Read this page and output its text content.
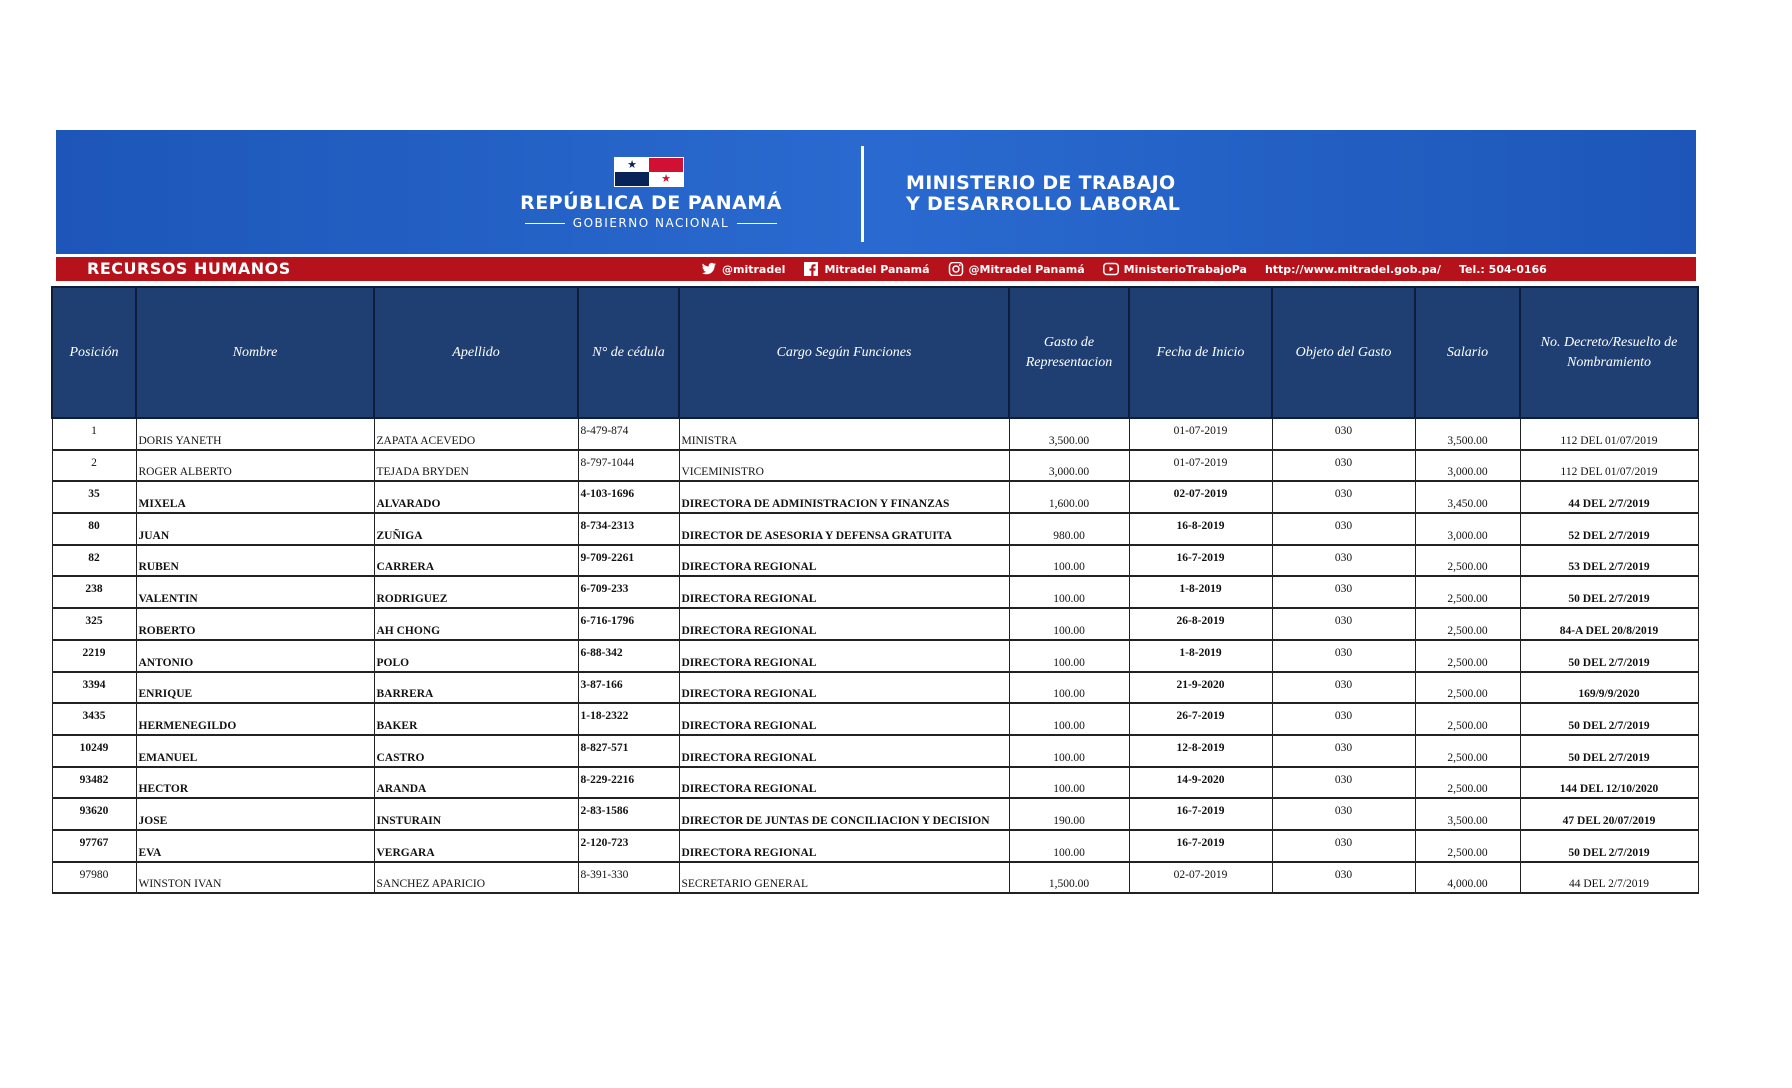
★
★
REPÚBLICA DE PANAMÁ
GOBIERNO NACIONAL
MINISTERIO DE TRABAJO
Y DESARROLLO LABORAL
RECURSOS HUMANOS	@mitradel	Mitradel Panamá	@Mitradel Panamá	MinisterioTrabajoPa http://www.mitradel.gob.pa/ Tel.: 504-0166
Posición	Nombre	Apellido	N° de cédula	Cargo Según Funciones	Gasto de Representacion	Fecha de Inicio	Objeto del Gasto	Salario	No. Decreto/Resuelto de Nombramiento
1	DORIS YANETH	ZAPATA ACEVEDO	8-479-874	MINISTRA	3,500.00	01-07-2019	030	3,500.00	112 DEL 01/07/2019
2	ROGER ALBERTO	TEJADA BRYDEN	8-797-1044	VICEMINISTRO	3,000.00	01-07-2019	030	3,000.00	112 DEL 01/07/2019
35	MIXELA	ALVARADO	4-103-1696	DIRECTORA DE ADMINISTRACION Y FINANZAS	1,600.00	02-07-2019	030	3,450.00	44 DEL 2/7/2019
80	JUAN	ZUÑIGA	8-734-2313	DIRECTOR DE ASESORIA Y DEFENSA GRATUITA	980.00	16-8-2019	030	3,000.00	52 DEL 2/7/2019
82	RUBEN	CARRERA	9-709-2261	DIRECTORA REGIONAL	100.00	16-7-2019	030	2,500.00	53 DEL 2/7/2019
238	VALENTIN	RODRIGUEZ	6-709-233	DIRECTORA REGIONAL	100.00	1-8-2019	030	2,500.00	50 DEL 2/7/2019
325	ROBERTO	AH CHONG	6-716-1796	DIRECTORA REGIONAL	100.00	26-8-2019	030	2,500.00	84-A DEL 20/8/2019
2219	ANTONIO	POLO	6-88-342	DIRECTORA REGIONAL	100.00	1-8-2019	030	2,500.00	50 DEL 2/7/2019
3394	ENRIQUE	BARRERA	3-87-166	DIRECTORA REGIONAL	100.00	21-9-2020	030	2,500.00	169/9/9/2020
3435	HERMENEGILDO	BAKER	1-18-2322	DIRECTORA REGIONAL	100.00	26-7-2019	030	2,500.00	50 DEL 2/7/2019
10249	EMANUEL	CASTRO	8-827-571	DIRECTORA REGIONAL	100.00	12-8-2019	030	2,500.00	50 DEL 2/7/2019
93482	HECTOR	ARANDA	8-229-2216	DIRECTORA REGIONAL	100.00	14-9-2020	030	2,500.00	144 DEL 12/10/2020
93620	JOSE	INSTURAIN	2-83-1586	DIRECTOR DE JUNTAS DE CONCILIACION Y DECISION	190.00	16-7-2019	030	3,500.00	47 DEL 20/07/2019
97767	EVA	VERGARA	2-120-723	DIRECTORA REGIONAL	100.00	16-7-2019	030	2,500.00	50 DEL 2/7/2019
97980	WINSTON IVAN	SANCHEZ APARICIO	8-391-330	SECRETARIO GENERAL	1,500.00	02-07-2019	030	4,000.00	44 DEL 2/7/2019
